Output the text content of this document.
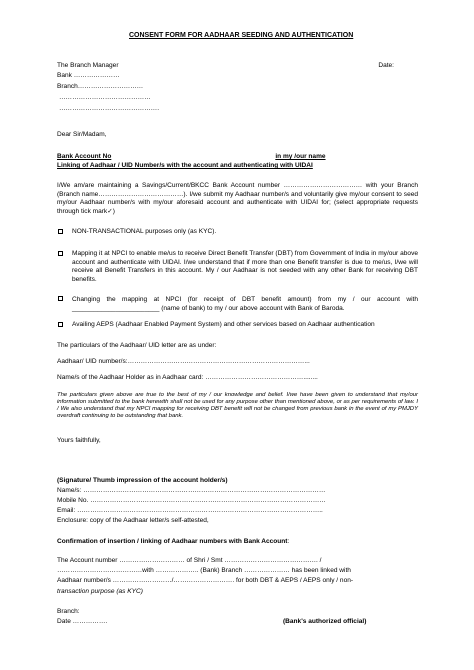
CONSENT FORM FOR AADHAAR SEEDING AND AUTHENTICATION
The Branch Manager	Date:
Bank …………………
Branch…………………………
……………………………………
……………………………………….
Dear Sir/Madam,
Bank Account No	in my /our name
Linking of Aadhaar / UID Number/s with the account and authenticating with UIDAI
I/We am/are maintaining a Savings/Current/BKCC Bank Account number ……………………………… with your Branch (Branch name…………………………………). I/we submit my Aadhaar number/s and voluntarily give my/our consent to seed my/our Aadhaar number/s with my/our aforesaid account and authenticate with UIDAI for; (select appropriate requests through tick mark✓)
NON-TRANSACTIONAL purposes only (as KYC).
Mapping it at NPCI to enable me/us to receive Direct Benefit Transfer (DBT) from Government of India in my/our above account and authenticate with UIDAI. I/we understand that if more than one Benefit transfer is due to me/us, I/we will receive all Benefit Transfers in this account. My / our Aadhaar is not seeded with any other Bank for receiving DBT benefits.
Changing the mapping at NPCI (for receipt of DBT benefit amount) from my / our account with ________________________ (name of bank) to my / our above account with Bank of Baroda.
Availing AEPS (Aadhaar Enabled Payment System) and other services based on Aadhaar authentication
The particulars of the Aadhaar/ UID letter are as under:
Aadhaar/ UID number/s:………………………………………………………………………...
Name/s of the Aadhaar Holder as in Aadhaar card: ………………………………………........
The particulars given above are true to the best of my / our knowledge and belief. I/we have been given to understand that my/our information submitted to the bank herewith shall not be used for any purpose other than mentioned above, or as per requirements of law. I / We also understand that my NPCI mapping for receiving DBT benefit will not be changed from previous bank in the event of my PMJDY overdraft continuing to be outstanding that bank.
Yours faithfully,
(Signature/ Thumb impression of the account holder/s)
Name/s: …………………………………………………………………………………………………
Mobile No. ………………………………………………………………………………………………
Email: …………………………………………………………………………………………………..
Enclosure: copy of the Aadhaar letter/s self-attested,
Confirmation of insertion / linking of Aadhaar numbers with Bank Account:
The Account number ………………………… of Shri / Smt ……………………………………. /
…………………………………with ……………….. (Bank) Branch ………………… has been linked with
Aadhaar number/s ………………………/………………………. for both DBT & AEPS / AEPS only / non-
transaction purpose (as KYC)
Branch:
Date …………….	(Bank's authorized official)
